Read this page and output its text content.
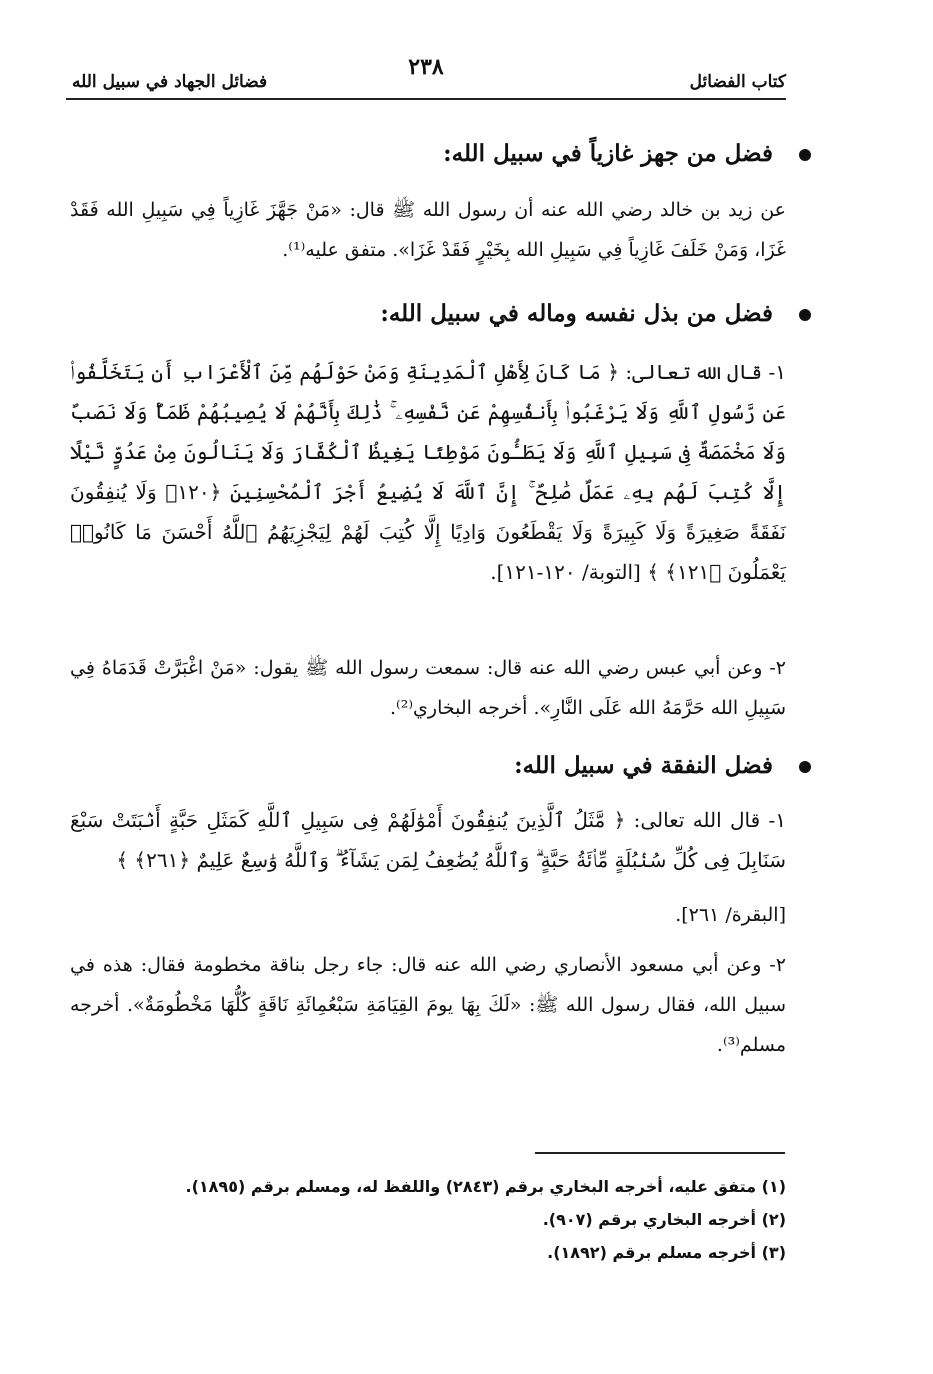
كتاب الفضائل
٢٣٨
فضائل الجهاد في سبيل الله
فضل من جهز غازياً في سبيل الله:
عن زيد بن خالد رضي الله عنه أن رسول الله ﷺ قال: «مَنْ جَهَّزَ غَازِياً فِي سَبِيلِ الله فَقَدْ غَزَا، وَمَنْ خَلَفَ غَازِياً فِي سَبِيلِ الله بِخَيْرٍ فَقَدْ غَزَا». متفق عليه⁽¹⁾.
فضل من بذل نفسه وماله في سبيل الله:
١- قال الله تعالى: ﴿ مَا كَانَ لِأَهْلِ ٱلْمَدِينَةِ وَمَنْ حَوْلَهُم مِّنَ ٱلْأَعْرَابِ أَن يَتَخَلَّفُوا۟ عَن رَّسُولِ ٱللَّهِ وَلَا يَرْغَبُوا۟ بِأَنفُسِهِمْ عَن نَّفْسِهِۦ ۚ ذَٰلِكَ بِأَنَّهُمْ لَا يُصِيبُهُمْ ظَمَأٌ وَلَا نَصَبٌ وَلَا مَخْمَصَةٌ فِى سَبِيلِ ٱللَّهِ وَلَا يَطَـُٔونَ مَوْطِئًا يَغِيظُ ٱلْكُفَّارَ وَلَا يَنَالُونَ مِنْ عَدُوٍّ نَّيْلًا إِلَّا كُتِبَ لَهُم بِهِۦ عَمَلٌ صَٰلِحٌ ۚ إِنَّ ٱللَّهَ لَا يُضِيعُ أَجْرَ ٱلْمُحْسِنِينَ ﴿١٢٠﴾ وَلَا يُنفِقُونَ نَفَقَةً صَغِيرَةً وَلَا كَبِيرَةً وَلَا يَقْطَعُونَ وَادِيًا إِلَّا كُتِبَ لَهُمْ لِيَجْزِيَهُمُ ٱللَّهُ أَحْسَنَ مَا كَانُوا۟ يَعْمَلُونَ ﴿١٢١﴾ ﴾ [التوبة/ ١٢٠-١٢١].
٢- وعن أبي عبس رضي الله عنه قال: سمعت رسول الله ﷺ يقول: «مَنْ اغْبَرَّتْ قَدَمَاهُ فِي سَبِيلِ الله حَرَّمَهُ الله عَلَى النَّارِ». أخرجه البخاري⁽²⁾.
فضل النفقة في سبيل الله:
١- قال الله تعالى: ﴿ مَّثَلُ ٱلَّذِينَ يُنفِقُونَ أَمْوَٰلَهُمْ فِى سَبِيلِ ٱللَّهِ كَمَثَلِ حَبَّةٍ أَنۢبَتَتْ سَبْعَ سَنَابِلَ فِى كُلِّ سُنۢبُلَةٍ مِّا۟ئَةُ حَبَّةٍ ۗ وَٱللَّهُ يُضَٰعِفُ لِمَن يَشَآءُ ۗ وَٱللَّهُ وَٰسِعٌ عَلِيمٌ ﴿٢٦١﴾ ﴾
[البقرة/ ٢٦١].
٢- وعن أبي مسعود الأنصاري رضي الله عنه قال: جاء رجل بناقة مخطومة فقال: هذه في سبيل الله، فقال رسول الله ﷺ: «لَكَ بِهَا يومَ القِيَامَةِ سَبْعُمِائَةِ نَاقَةٍ كُلُّهَا مَخْطُومَةٌ». أخرجه مسلم⁽³⁾.
(١) متفق عليه، أخرجه البخاري برقم (٢٨٤٣) واللفظ له، ومسلم برقم (١٨٩٥).
(٢) أخرجه البخاري برقم (٩٠٧).
(٣) أخرجه مسلم برقم (١٨٩٢).
